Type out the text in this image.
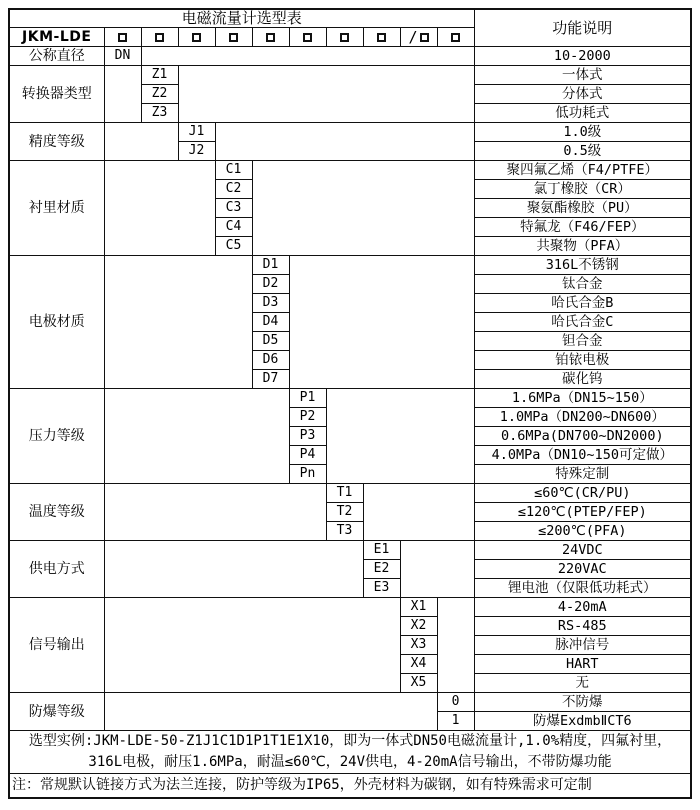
电磁流量计选型表											功能说明
JKM-LDE									/		
公称直径	DN										10-2000
转换器类型		Z1									一体式
		Z2									分体式
		Z3									低功耗式
精度等级			J1								1.0级
			J2								0.5级
衬里材质				C1							聚四氟乙烯（F4/PTFE）
				C2							氯丁橡胶（CR）
				C3							聚氨酯橡胶（PU）
				C4							特氟龙（F46/FEP）
				C5							共聚物（PFA）
电极材质					D1						316L不锈钢
					D2						钛合金
					D3						哈氏合金B
					D4						哈氏合金C
					D5						钽合金
					D6						铂铱电极
					D7						碳化钨
压力等级						P1					1.6MPa（DN15~150）
						P2					1.0MPa（DN200~DN600）
						P3					0.6MPa(DN700~DN2000)
						P4					4.0MPa（DN10~150可定做）
						Pn					特殊定制
温度等级							T1				≤60℃(CR/PU)
							T2				≤120℃(PTEP/FEP)
							T3				≤200℃(PFA)
供电方式								E1			24VDC
								E2			220VAC
								E3			锂电池（仅限低功耗式）
信号输出									X1		4-20mA
									X2		RS-485
									X3		脉冲信号
									X4		HART
									X5		无
防爆等级										0	不防爆
										1	防爆ExdmbⅡCT6
选型实例:JKM-LDE-50-Z1J1C1D1P1T1E1X10，即为一体式DN50电磁流量计,1.0%精度，四氟衬里，
316L电极，耐压1.6MPa，耐温≤60℃，24V供电，4-20mA信号输出，不带防爆功能											
注：常规默认链接方式为法兰连接，防护等级为IP65，外壳材料为碳钢，如有特殊需求可定制											
